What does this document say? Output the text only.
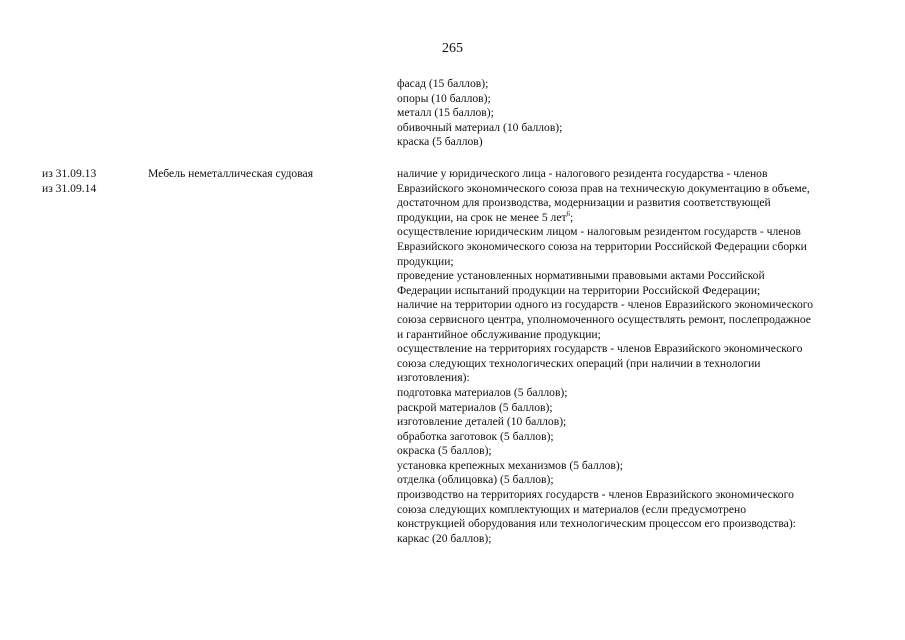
265
фасад (15 баллов);
опоры (10 баллов);
металл (15 баллов);
обивочный материал (10 баллов);
краска (5 баллов)
из 31.09.13
из 31.09.14
Мебель неметаллическая судовая	наличие у юридического лица - налогового резидента государства - членов
Евразийского экономического союза прав на техническую документацию в объеме,
достаточном для производства, модернизации и развития соответствующей
продукции, на срок не менее 5 лет$^6$;
осуществление юридическим лицом - налоговым резидентом государств - членов
Евразийского экономического союза на территории Российской Федерации сборки
продукции;
проведение установленных нормативными правовыми актами Российской
Федерации испытаний продукции на территории Российской Федерации;
наличие на территории одного из государств - членов Евразийского экономического
союза сервисного центра, уполномоченного осуществлять ремонт, послепродажное
и гарантийное обслуживание продукции;
осуществление на территориях государств - членов Евразийского экономического
союза следующих технологических операций (при наличии в технологии
изготовления):
подготовка материалов (5 баллов);
раскрой материалов (5 баллов);
изготовление деталей (10 баллов);
обработка заготовок (5 баллов);
окраска (5 баллов);
установка крепежных механизмов (5 баллов);
отделка (облицовка) (5 баллов);
производство на территориях государств - членов Евразийского экономического
союза следующих комплектующих и материалов (если предусмотрено
конструкцией оборудования или технологическим процессом его производства):
каркас (20 баллов);
